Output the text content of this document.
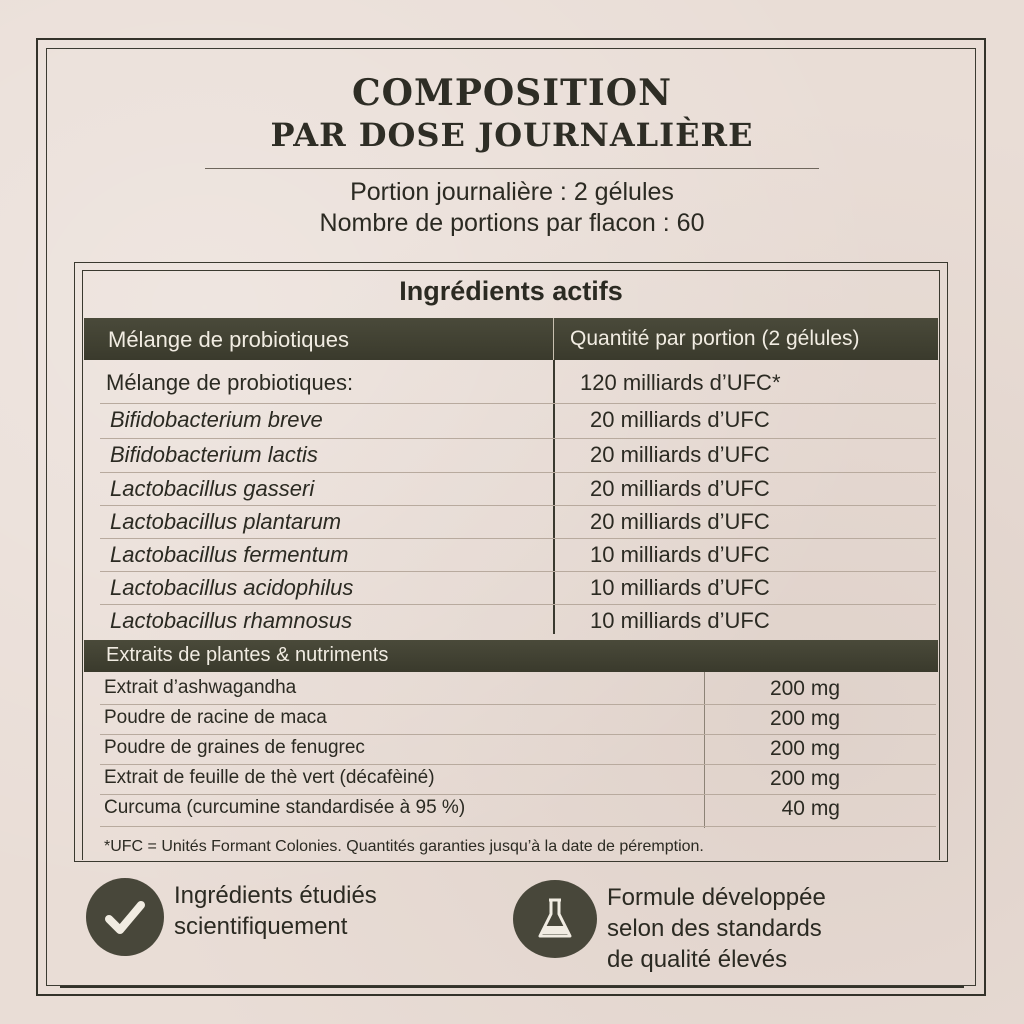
COMPOSITION
PAR DOSE JOURNALIÈRE
Portion journalière : 2 gélules
Nombre de portions par flacon : 60
Ingrédients actifs
Mélange de probiotiques	Quantité par portion (2 gélules)
Mélange de probiotiques:	120 milliards d’UFC*
Bifidobacterium breve	20 milliards d’UFC
Bifidobacterium lactis	20 milliards d’UFC
Lactobacillus gasseri	20 milliards d’UFC
Lactobacillus plantarum	20 milliards d’UFC
Lactobacillus fermentum	10 milliards d’UFC
Lactobacillus acidophilus	10 milliards d’UFC
Lactobacillus rhamnosus	10 milliards d’UFC
Extraits de plantes & nutriments
Extrait d’ashwagandha	200 mg
Poudre de racine de maca	200 mg
Poudre de graines de fenugrec	200 mg
Extrait de feuille de thè vert (décafèiné)	200 mg
Curcuma (curcumine standardisée à 95 %)	40 mg
*UFC = Unités Formant Colonies. Quantités garanties jusqu’à la date de péremption.
Ingrédients étudiés
scientifiquement
Formule développée
selon des standards
de qualité élevés
